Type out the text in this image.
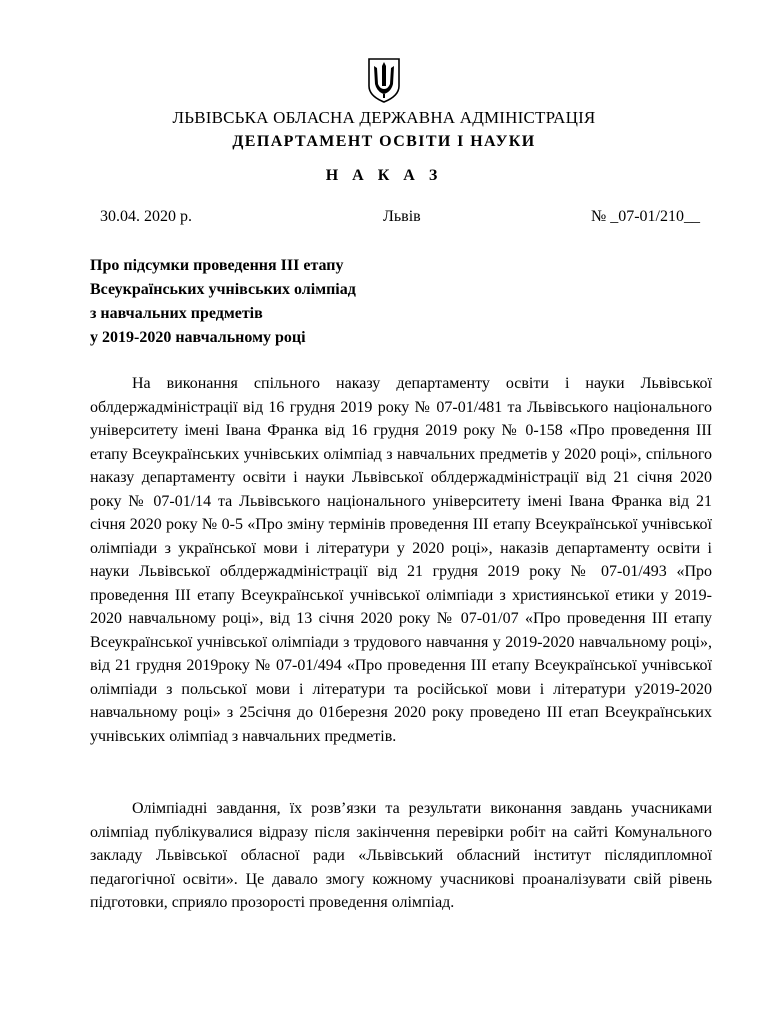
ЛЬВІВСЬКА ОБЛАСНА ДЕРЖАВНА АДМІНІСТРАЦІЯ
ДЕПАРТАМЕНТ ОСВІТИ І НАУКИ
Н А К А З
30.04. 2020 р.	Львів	№ _07-01/210__
Про підсумки проведення ІІІ етапу
Всеукраїнських учнівських олімпіад
з навчальних предметів
у 2019-2020 навчальному році

На виконання спільного наказу департаменту освіти і науки Львівської облдержадміністрації від 16 грудня 2019 року № 07-01/481 та Львівського національного університету імені Івана Франка від 16 грудня 2019 року № 0-158 «Про проведення ІІІ етапу Всеукраїнських учнівських олімпіад з навчальних предметів у 2020 році», спільного наказу департаменту освіти і науки Львівської облдержадміністрації від 21 січня 2020 року № 07-01/14 та Львівського національного університету імені Івана Франка від 21 січня 2020 року № 0-5 «Про зміну термінів проведення ІІІ етапу Всеукраїнської учнівської олімпіади з української мови і літератури у 2020 році», наказів департаменту освіти і науки Львівської облдержадміністрації від 21 грудня 2019 року № 07-01/493 «Про проведення ІІІ етапу Всеукраїнської учнівської олімпіади з християнської етики у 2019-2020 навчальному році», від 13 січня 2020 року № 07-01/07 «Про проведення ІІІ етапу Всеукраїнської учнівської олімпіади з трудового навчання у 2019-2020 навчальному році», від 21 грудня 2019року № 07-01/494 «Про проведення ІІІ етапу Всеукраїнської учнівської олімпіади з польської мови і літератури та російської мови і літератури у2019-2020 навчальному році» з 25січня до 01березня 2020 року проведено ІІІ етап Всеукраїнських учнівських олімпіад з навчальних предметів.

Олімпіадні завдання, їх розв’язки та результати виконання завдань учасниками олімпіад публікувалися відразу після закінчення перевірки робіт на сайті Комунального закладу Львівської обласної ради «Львівський обласний інститут післядипломної педагогічної освіти». Це давало змогу кожному учасникові проаналізувати свій рівень підготовки, сприяло прозорості проведення олімпіад.
